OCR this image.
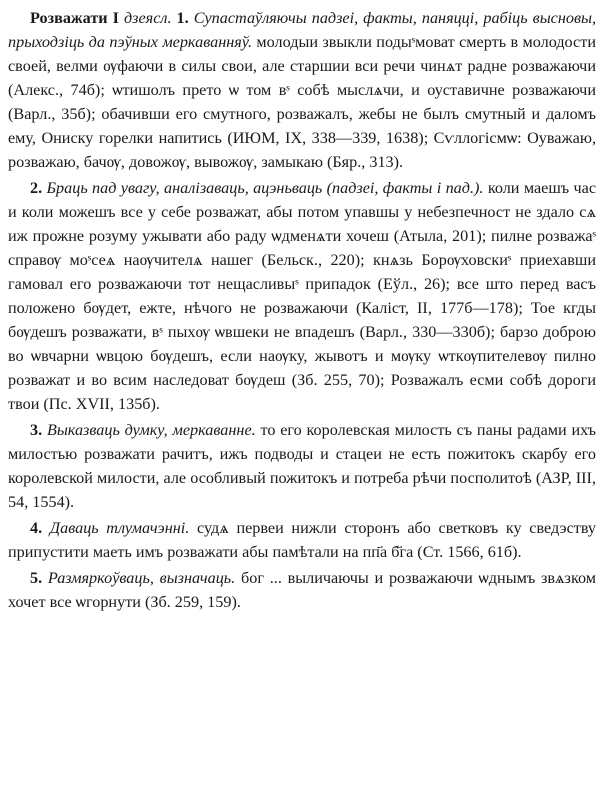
Розважати I дзеясл. 1. Супастаўляючы падзеі, факты, паняцці, рабіць высновы, прыходзіць да пэўных меркаванняў. молодыи звыкли подыˢмоват смерть в молодости своей, велми ѹфаючи в силы свои, але старшии вси речи чинѧт радне розважаючи (Алекс., 74б); ѡтишолъ прето ѡ том вˢ собѣ мыслѧчи, и оуставичне розважаючи (Варл., 35б); обачивши его смутного, розважалъ, жебы не былъ смутный и даломъ ему, Ониску горелки напитись (ИЮМ, IX, 338—339, 1638); Сѵллогісмѡ: Оуважаю, розважаю, бачѹ, довожѹ, вывожѹ, замыкаю (Бяр., 313).

2. Браць пад увагу, аналізаваць, ацэньваць (падзеі, факты і пад.). коли маешъ час и коли можешъ все у себе розважат, абы потом упавшы у небезпечност не здало сѧ иж прожне розуму ужывати або раду ѡдменѧти хочеш (Атыла, 201); пилне розважаˢ справѹ моˢсеѧ наѹчителѧ нашег (Бельск., 220); кнѧзь Борѹховскиˢ приехавши гамовал его розважаючи тот нещасливыˢ припадок (Еўл., 26); все што перед васъ положено бѹдет, ежте, нѣчого не розважаючи (Каліст, II, 177б—178); Тое кгды бѹдешъ розважати, вˢ пыхѹ ѡвшеки не впадешъ (Варл., 330—330б); барзо доброю во ѡвчарни ѡвцою бѹдешъ, если наѹку, жывотъ и мѹку ѡткѹпителевѹ пилно розважат и во всим наследоват бѹдеш (Зб. 255, 70); Розважалъ есми собѣ дороги твои (Пс. XVII, 135б).

3. Выказваць думку, меркаванне. то его королевская милость съ паны радами ихъ милостью розважати рачитъ, ижъ подводы и стацеи не есть пожитокъ скарбу его королевской милости, але особливый пожитокъ и потреба рѣчи посполитоѣ (АЗР, III, 54, 1554).

4. Даваць тлумачэнні. судѧ первеи нижли сторонъ або светковъ ку сведэству припустити маеть имъ розважати абы памѣтали на пп҃а б҃га (Ст. 1566, 61б).

5. Размяркоўваць, вызначаць. бог ... выличаючы и розважаючи ѡднымъ звѧзком хочет все ѡгорнути (Зб. 259, 159).
